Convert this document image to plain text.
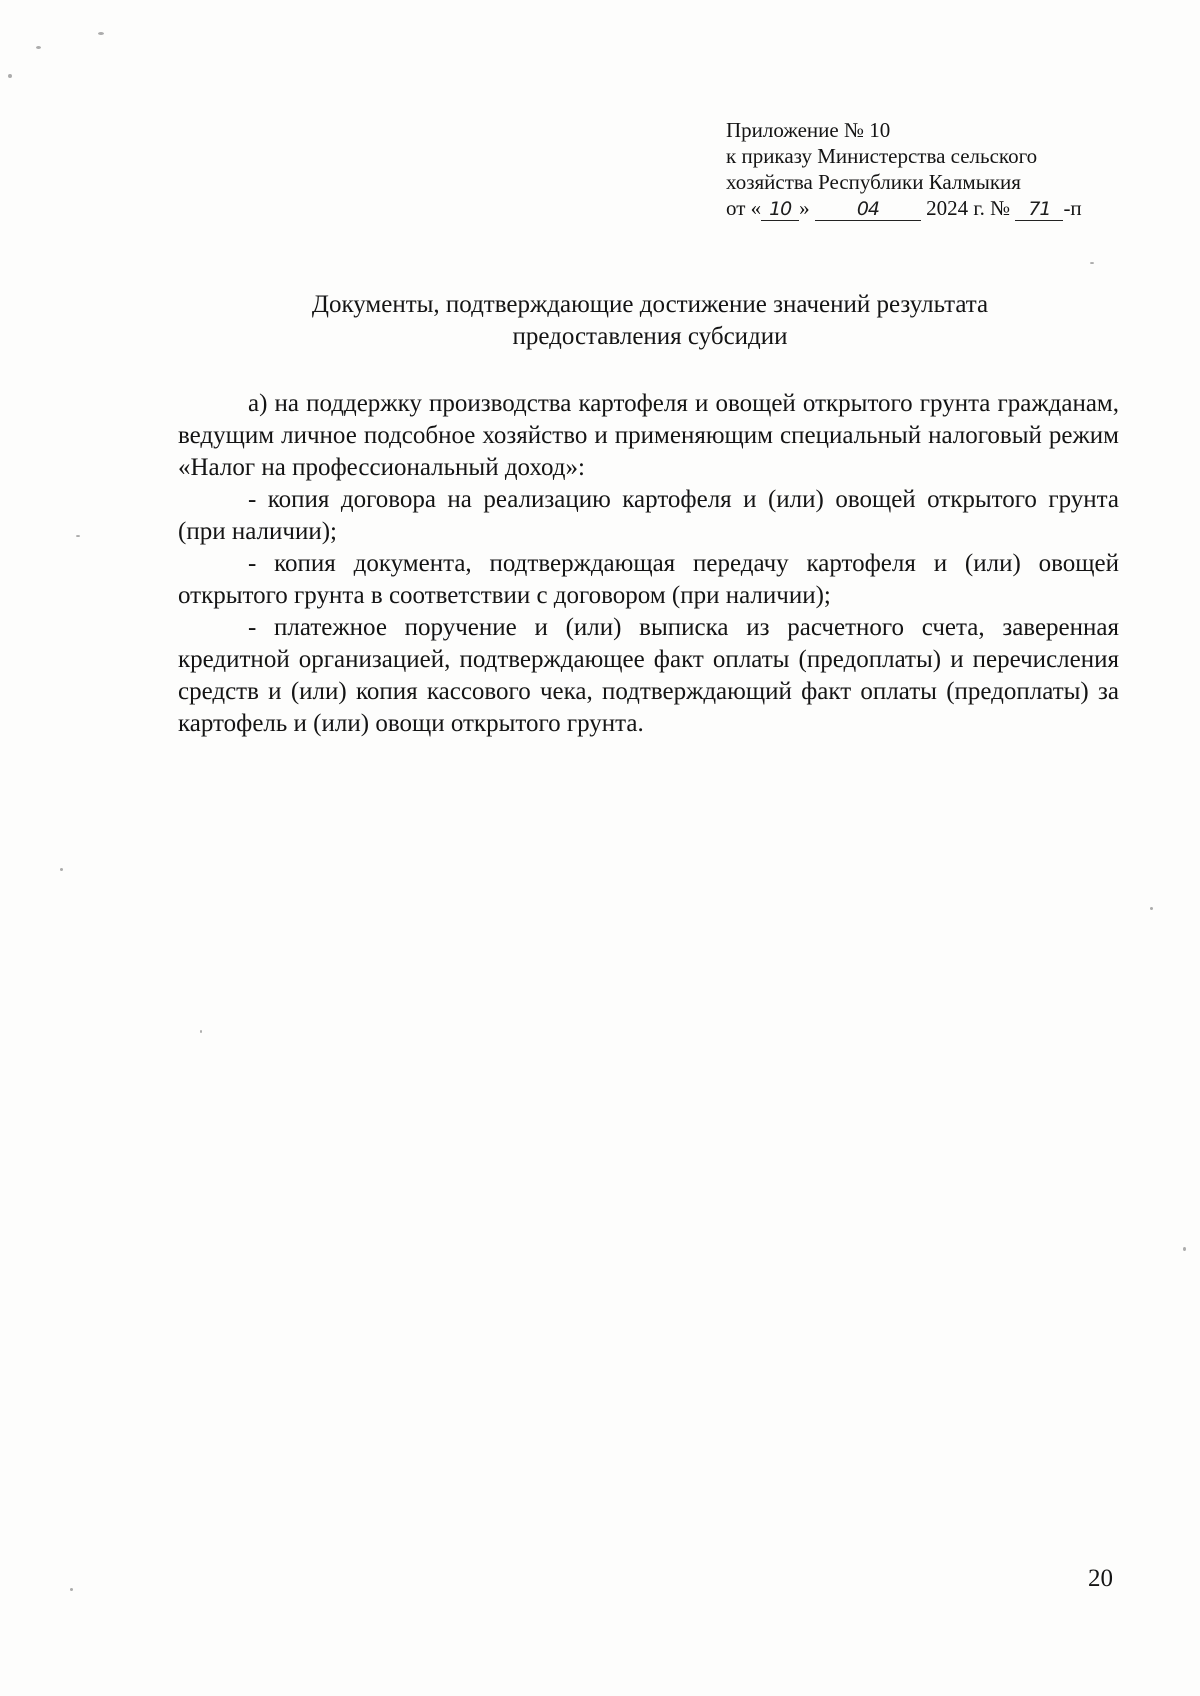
Приложение № 10
к приказу Министерства сельского
хозяйства Республики Калмыкия
от « 10 » 04 2024 г. № 71 -п
Документы, подтверждающие достижение значений результата
предоставления субсидии

а) на поддержку производства картофеля и овощей открытого грунта гражданам, ведущим личное подсобное хозяйство и применяющим специальный налоговый режим «Налог на профессиональный доход»:

- копия договора на реализацию картофеля и (или) овощей открытого грунта (при наличии);

- копия документа, подтверждающая передачу картофеля и (или) овощей открытого грунта в соответствии с договором (при наличии);

- платежное поручение и (или) выписка из расчетного счета, заверенная кредитной организацией, подтверждающее факт оплаты (предоплаты) и перечисления средств и (или) копия кассового чека, подтверждающий факт оплаты (предоплаты) за картофель и (или) овощи открытого грунта.

20
